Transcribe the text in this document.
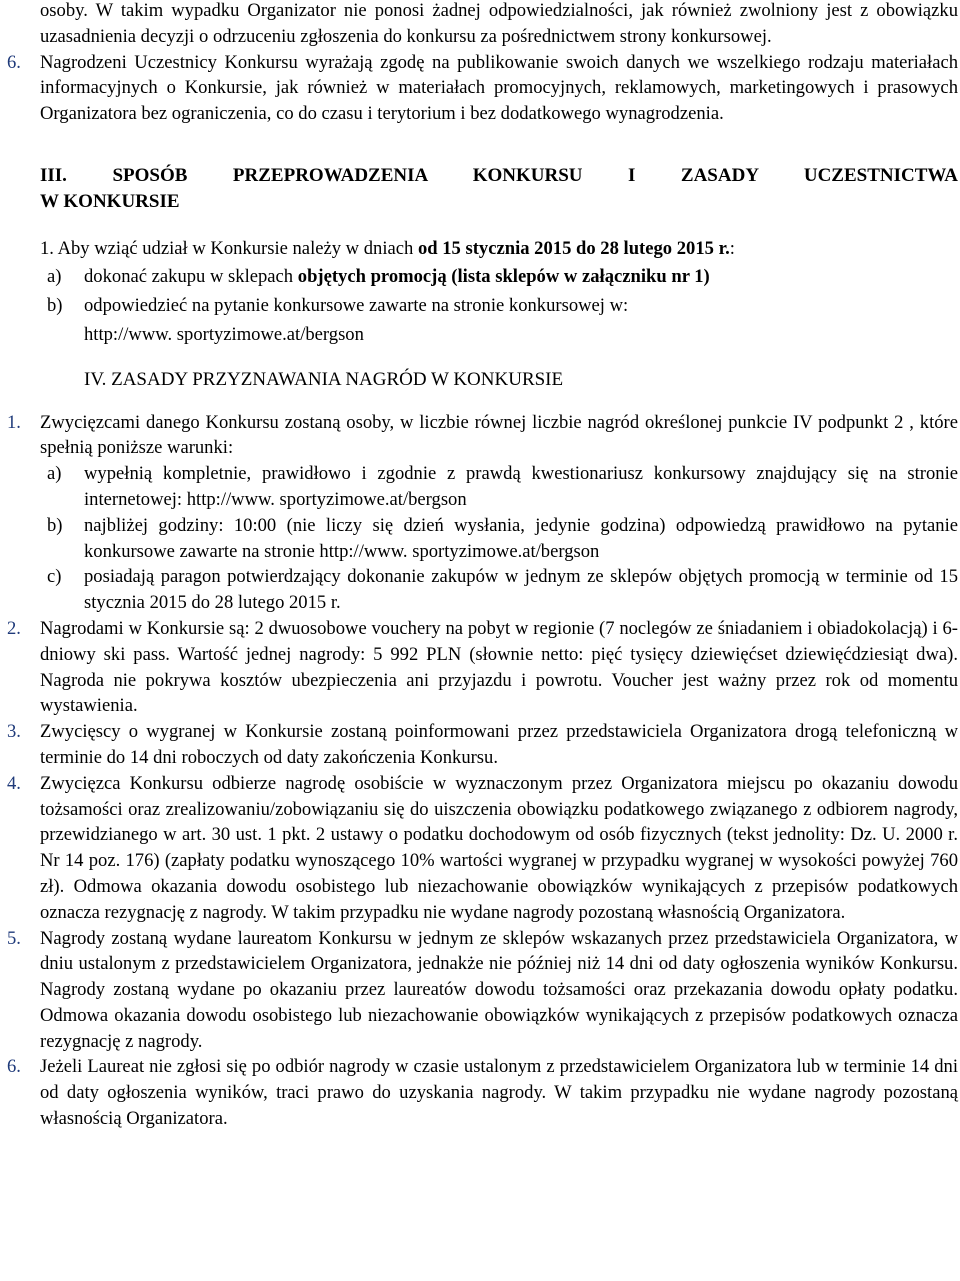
osoby. W takim wypadku Organizator nie ponosi żadnej odpowiedzialności, jak również zwolniony jest z obowiązku uzasadnienia decyzji o odrzuceniu zgłoszenia do konkursu za pośrednictwem strony konkursowej.

6. Nagrodzeni Uczestnicy Konkursu wyrażają zgodę na publikowanie swoich danych we wszelkiego rodzaju materiałach informacyjnych o Konkursie, jak również w materiałach promocyjnych, reklamowych, marketingowych i prasowych Organizatora bez ograniczenia, co do czasu i terytorium i bez dodatkowego wynagrodzenia.

III.  SPOSÓB  PRZEPROWADZENIA  KONKURSU  I  ZASADY  UCZESTNICTWA
W KONKURSIE
1. Aby wziąć udział w Konkursie należy w dniach od 15 stycznia 2015 do 28 lutego 2015 r.:
a) dokonać zakupu w sklepach objętych promocją (lista sklepów w załączniku nr 1)
b) odpowiedzieć na pytanie konkursowe zawarte na stronie konkursowej w:
http://www. sportyzimowe.at/bergson
IV. ZASADY PRZYZNAWANIA NAGRÓD W KONKURSIE
1. Zwycięzcami danego Konkursu zostaną osoby, w liczbie równej liczbie nagród określonej punkcie IV podpunkt 2 , które spełnią poniższe warunki:

a) wypełnią kompletnie, prawidłowo i zgodnie z prawdą kwestionariusz konkursowy znajdujący się na stronie internetowej: http://www. sportyzimowe.at/bergson

b) najbliżej godziny: 10:00 (nie liczy się dzień wysłania, jedynie godzina) odpowiedzą prawidłowo na pytanie konkursowe zawarte na stronie http://www. sportyzimowe.at/bergson

c) posiadają paragon potwierdzający dokonanie zakupów w jednym ze sklepów objętych promocją w terminie od 15 stycznia 2015 do 28 lutego 2015 r.

2. Nagrodami w Konkursie są: 2 dwuosobowe vouchery na pobyt w regionie (7 noclegów ze śniadaniem i obiadokolacją) i 6-dniowy ski pass. Wartość jednej nagrody: 5 992 PLN (słownie netto: pięć tysięcy dziewięćset dziewięćdziesiąt dwa). Nagroda nie pokrywa kosztów ubezpieczenia ani przyjazdu i powrotu. Voucher jest ważny przez rok od momentu wystawienia.

3. Zwycięscy o wygranej w Konkursie zostaną poinformowani przez przedstawiciela Organizatora drogą telefoniczną w terminie do 14 dni roboczych od daty zakończenia Konkursu.

4. Zwycięzca Konkursu odbierze nagrodę osobiście w wyznaczonym przez Organizatora miejscu po okazaniu dowodu tożsamości oraz zrealizowaniu/zobowiązaniu się do uiszczenia obowiązku podatkowego związanego z odbiorem nagrody, przewidzianego w art. 30 ust. 1 pkt. 2 ustawy o podatku dochodowym od osób fizycznych (tekst jednolity: Dz. U. 2000 r. Nr 14 poz. 176) (zapłaty podatku wynoszącego 10% wartości wygranej w przypadku wygranej w wysokości powyżej 760 zł). Odmowa okazania dowodu osobistego lub niezachowanie obowiązków wynikających z przepisów podatkowych oznacza rezygnację z nagrody. W takim przypadku nie wydane nagrody pozostaną własnością Organizatora.

5. Nagrody zostaną wydane laureatom Konkursu w jednym ze sklepów wskazanych przez przedstawiciela Organizatora, w dniu ustalonym z przedstawicielem Organizatora, jednakże nie później niż 14 dni od daty ogłoszenia wyników Konkursu. Nagrody zostaną wydane po okazaniu przez laureatów dowodu tożsamości oraz przekazania dowodu opłaty podatku. Odmowa okazania dowodu osobistego lub niezachowanie obowiązków wynikających z przepisów podatkowych oznacza rezygnację z nagrody.

6. Jeżeli Laureat nie zgłosi się po odbiór nagrody w czasie ustalonym z przedstawicielem Organizatora lub w terminie 14 dni od daty ogłoszenia wyników, traci prawo do uzyskania nagrody. W takim przypadku nie wydane nagrody pozostaną własnością Organizatora.
